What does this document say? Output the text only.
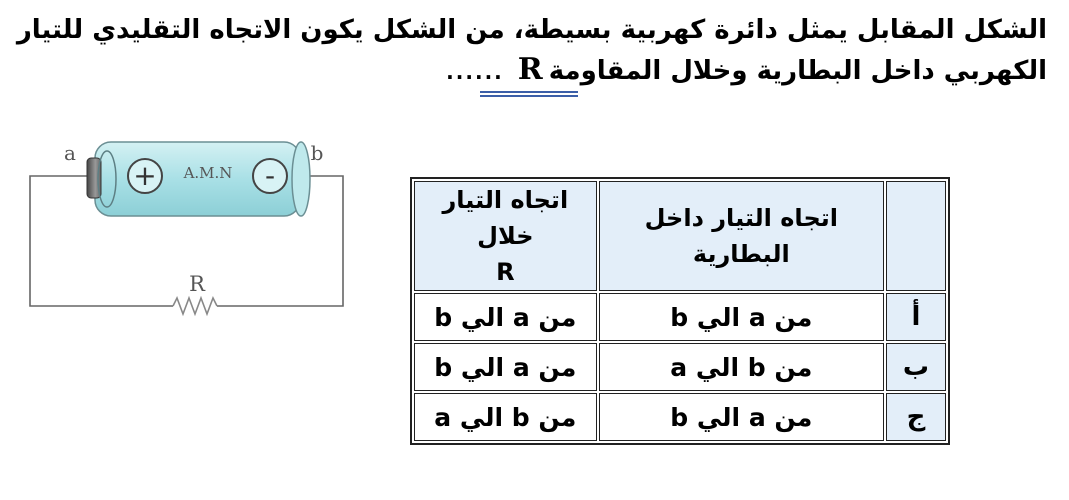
الشكل المقابل يمثل دائرة كهربية بسيطة، من الشكل يكون الاتجاه التقليدي للتيار
الكهربي داخل البطارية وخلال المقاومة...... R
+	-
A.M.N
a	b
R
	اتجاه التيار داخل البطارية	اتجاه التيار خلال
R
أ	من a الي b	من a الي b
ب	من b الي a	من a الي b
ج	من a الي b	من b الي a
